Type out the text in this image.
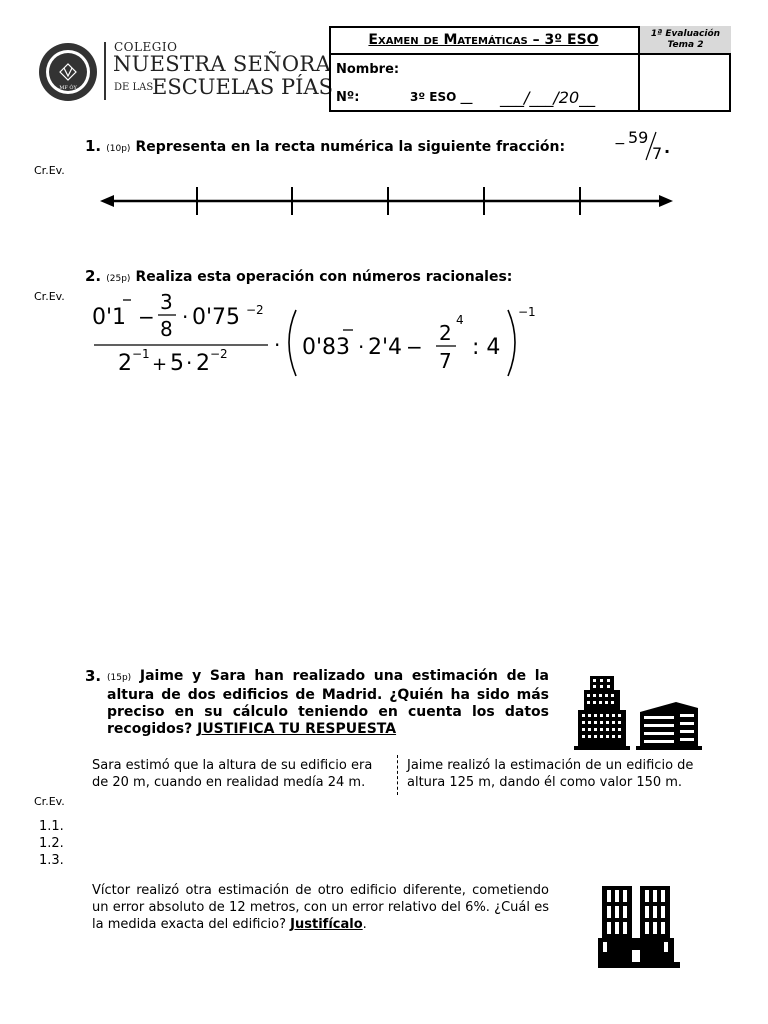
MF ÓY
COLEGIO
NUESTRA SEÑORA
DE LAS
ESCUELAS PÍAS
Examen de Matemáticas – 3º ESO	1ª Evaluación
Tema 2
Nombre:
Nº:	3º ESO __ ___/___/20__
1. (10p) Representa en la recta numérica la siguiente fracción:	− 59
7 .
Cr.Ev.
2. (25p) Realiza esta operación con números racionales:
Cr.Ev.
0'1 −
3
8 · 0'75 −2
2 −1 + 5 · 2 −2 · 0'83 · 2'4 −
2
7
4
: 4
−1
3. (15p) Jaime y Sara han realizado una estimación de la altura de dos edificios de Madrid. ¿Quién ha sido más preciso en su cálculo teniendo en cuenta los datos recogidos? JUSTIFICA TU RESPUESTA
Sara estimó que la altura de su edificio era de 20 m, cuando en realidad medía 24 m.
Jaime realizó la estimación de un edificio de altura 125 m, dando él como valor 150 m.
Cr.Ev.
1.1.
1.2.
1.3.
Víctor realizó otra estimación de otro edificio diferente, cometiendo un error absoluto de 12 metros, con un error relativo del 6%. ¿Cuál es la medida exacta del edificio? Justifícalo.
